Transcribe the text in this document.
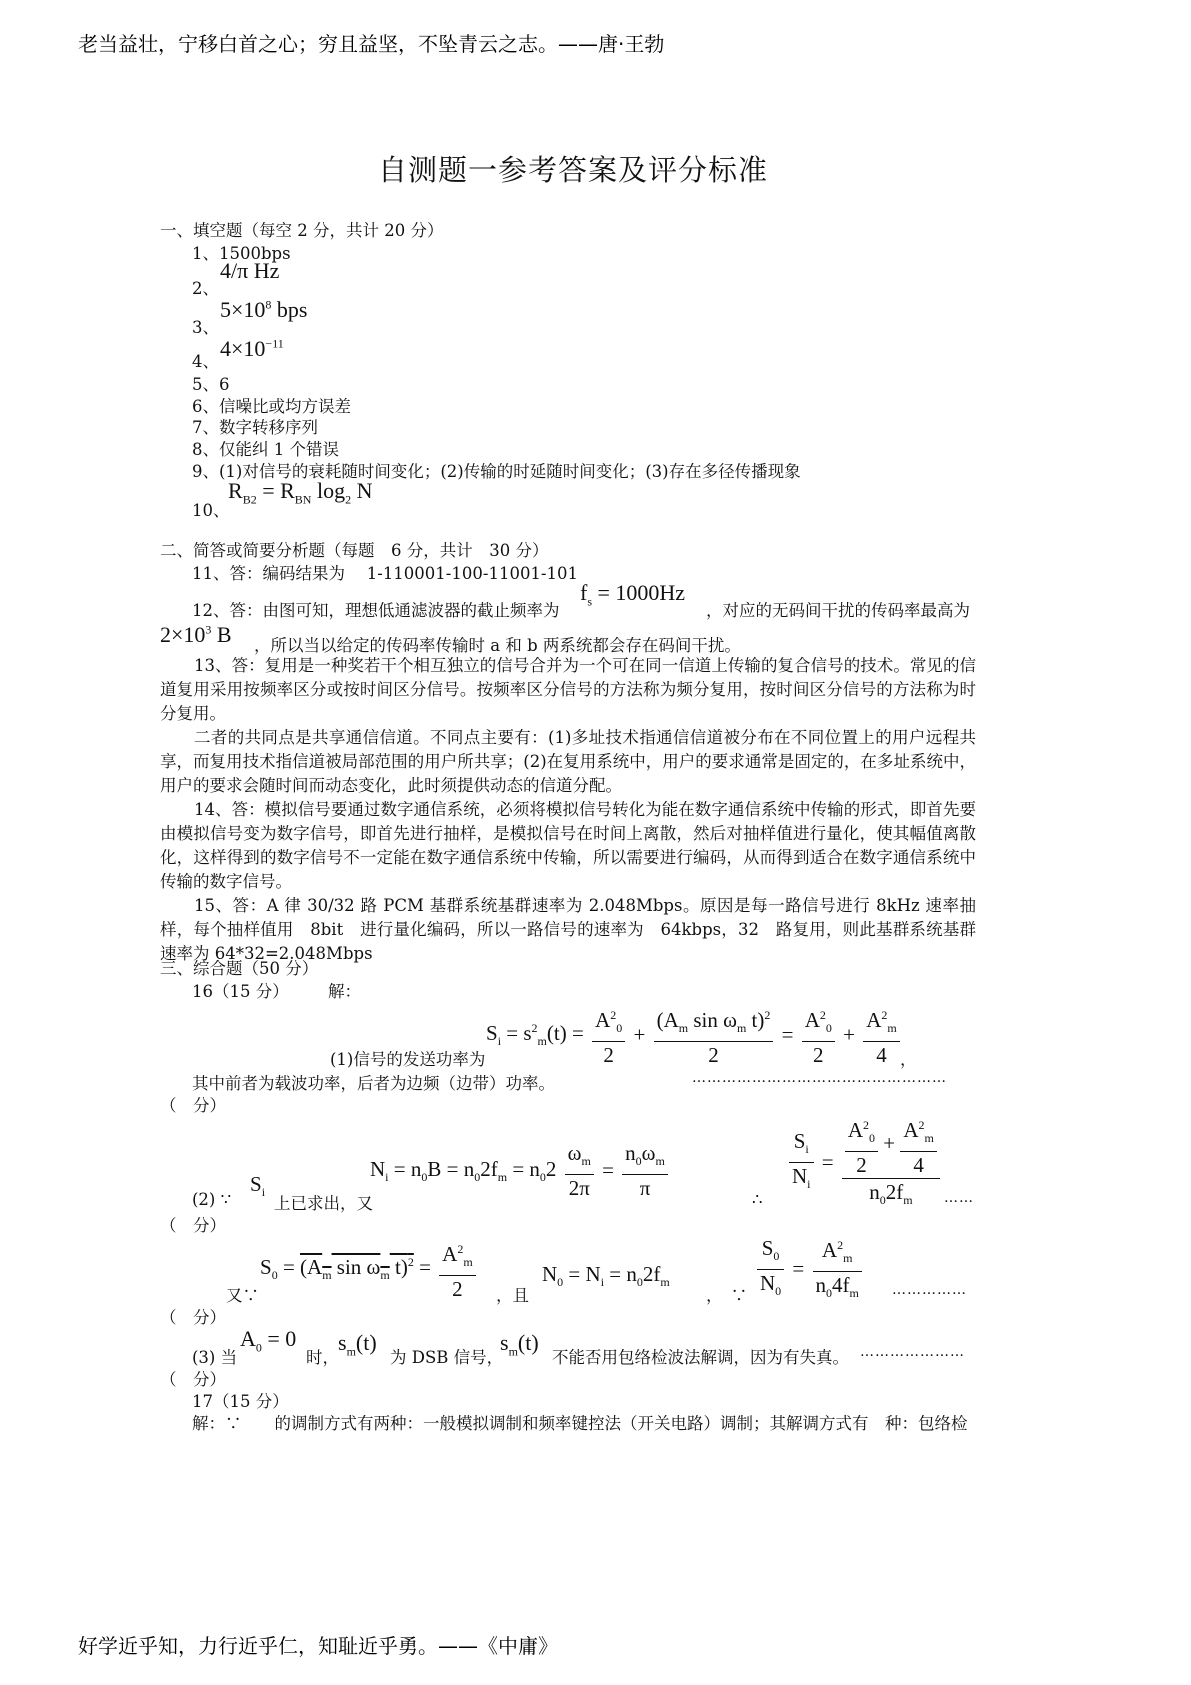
老当益壮，宁移白首之心；穷且益坚，不坠青云之志。——唐·王勃
自测题一参考答案及评分标准
一、填空题（每空 2 分，共计 20 分）
1、1500bps
2、
4/π Hz
3、
$5\times 10^8$ bps
4、
$4\times 10^{-11}$
5、6
6、信噪比或均方误差
7、数字转移序列
8、仅能纠 1 个错误
9、(1)对信号的衰耗随时间变化；(2)传输的时延随时间变化；(3)存在多径传播现象
10、
$R_{B2} = R_{BN}$ $\log_2 N$
二、简答或简要分析题（每题　6 分，共计　30 分）
11、答：编码结果为　 1-110001-100-11001-101
12、答：由图可知，理想低通滤波器的截止频率为
$f_s = 1000Hz$
，对应的无码间干扰的传码率最高为
$2\times 10^3$ B ，所以当以给定的传码率传输时 a 和 b 两系统都会存在码间干扰。

13、答：复用是一种奖若干个相互独立的信号合并为一个可在同一信道上传输的复合信号的技术。常见的信道复用采用按频率区分或按时间区分信号。按频率区分信号的方法称为频分复用，按时间区分信号的方法称为时分复用。

二者的共同点是共享通信信道。不同点主要有：(1)多址技术指通信信道被分布在不同位置上的用户远程共享，而复用技术指信道被局部范围的用户所共享；(2)在复用系统中，用户的要求通常是固定的，在多址系统中，用户的要求会随时间而动态变化，此时须提供动态的信道分配。

14、答：模拟信号要通过数字通信系统，必须将模拟信号转化为能在数字通信系统中传输的形式，即首先要由模拟信号变为数字信号，即首先进行抽样，是模拟信号在时间上离散，然后对抽样值进行量化，使其幅值离散化，这样得到的数字信号不一定能在数字通信系统中传输，所以需要进行编码，从而得到适合在数字通信系统中传输的数字信号。

15、答：A 律 30/32 路 PCM 基群系统基群速率为 2.048Mbps。原因是每一路信号进行 8kHz 速率抽样，每个抽样值用　8bit　进行量化编码，所以一路信号的速率为　64kbps，32　路复用，则此基群系统基群速率为 64*32=2.048Mbps

三、综合题（50 分）
16（15 分） 解：
(1)信号的发送功率为
$S_i = s^2_m(t) = \frac{A^2_0}{2} + \frac{(A_m \sin \omega_m t)^2}{2} = \frac{A^2_0}{2} + \frac{A^2_m}{4}$ ，
其中前者为载波功率，后者为边频（边带）功率。	……………………………………………
（　分）
(2) ∵
$S_i$
上已求出，又
$N_i = n_0B = n_02f_m = n_02 \frac{\omega_m}{2\pi} = \frac{n_0\omega_m}{\pi}$	∴
$\frac{S_i}{N_i} = \frac{\frac{A^2_0}{2} + \frac{A^2_m}{4}}{n_02f_m}$ ……
（　分）
又∵
$S_0 = (A_m$ $\sin \omega_m$ $t)^2 = \frac{A^2_m}{2}$ ，且
$N_0 = N_i = n_02f_m$
，　∵ $\frac{S_0}{N_0} = \frac{A^2_m}{n_04f_m}$ ……………
（　分）
(3) 当
$A_0 = 0$
时，
$s_m(t)$
为 DSB 信号，
$s_m(t)$
不能否用包络检波法解调，因为有失真。 …………………
（　分）
17（15 分）
解：∵　　的调制方式有两种：一般模拟调制和频率键控法（开关电路）调制；其解调方式有　种：包络检
好学近乎知，力行近乎仁，知耻近乎勇。——《中庸》
